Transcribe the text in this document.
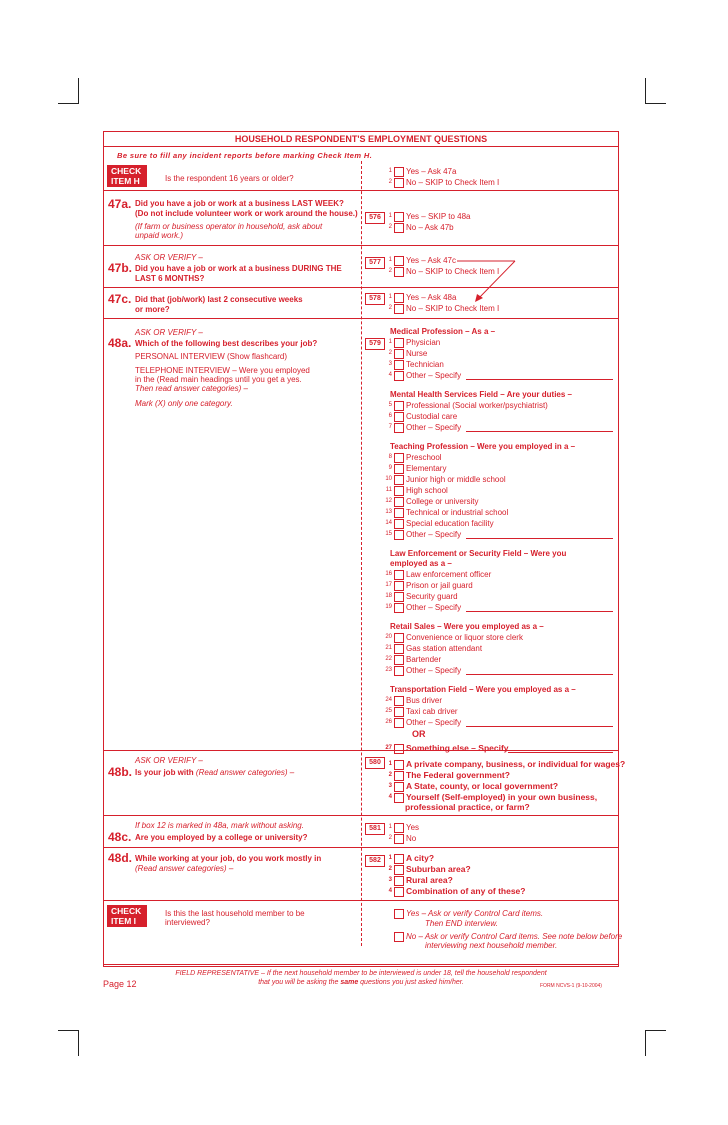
HOUSEHOLD RESPONDENT'S EMPLOYMENT QUESTIONS
Be sure to fill any incident reports before marking Check Item H.
CHECK
ITEM H	Is the respondent 16 years or older?
1 Yes – Ask 47a
2 No – SKIP to Check Item I
47a. Did you have a job or work at a business LAST WEEK?
(Do not include volunteer work or work around the house.)
(If farm or business operator in household, ask about
unpaid work.)
576	1 Yes – SKIP to 48a
2 No – Ask 47b
ASK OR VERIFY –
47b. Did you have a job or work at a business DURING THE
LAST 6 MONTHS?
577	1 Yes – Ask 47c
2 No – SKIP to Check Item I
47c. Did that (job/work) last 2 consecutive weeks
or more?
578	1 Yes – Ask 48a
2 No – SKIP to Check Item I
ASK OR VERIFY –
48a. Which of the following best describes your job?
PERSONAL INTERVIEW (Show flashcard)
TELEPHONE INTERVIEW – Were you employed
in the (Read main headings until you get a yes.
Then read answer categories) –
Mark (X) only one category.
579
Medical Profession – As a –
1 Physician
2 Nurse
3 Technician
4 Other – Specify
Mental Health Services Field – Are your duties –
5 Professional (Social worker/psychiatrist)
6 Custodial care
7 Other – Specify
Teaching Profession – Were you employed in a –
8 Preschool
9 Elementary
10 Junior high or middle school
11 High school
12 College or university
13 Technical or industrial school
14 Special education facility
15 Other – Specify
Law Enforcement or Security Field – Were you
employed as a –
16 Law enforcement officer
17 Prison or jail guard
18 Security guard
19 Other – Specify
Retail Sales – Were you employed as a –
20 Convenience or liquor store clerk
21 Gas station attendant
22 Bartender
23 Other – Specify
Transportation Field – Were you employed as a –
24 Bus driver
25 Taxi cab driver
26 Other – Specify
OR
27 Something else – Specify
ASK OR VERIFY –
48b. Is your job with (Read answer categories) –
580	1 A private company, business, or individual for wages?
2 The Federal government?
3 A State, county, or local government?
4 Yourself (Self-employed) in your own business,
professional practice, or farm?
If box 12 is marked in 48a, mark without asking.
48c. Are you employed by a college or university?
581	1 Yes
2 No
48d. While working at your job, do you work mostly in
(Read answer categories) –
582	1 A city?
2 Suburban area?
3 Rural area?
4 Combination of any of these?
CHECK
ITEM I
Is this the last household member to be
interviewed?
Yes – Ask or verify Control Card items.
Then END interview.
No – Ask or verify Control Card items. See note below before
interviewing next household member.
FIELD REPRESENTATIVE – If the next household member to be interviewed is under 18, tell the household respondent
that you will be asking the same questions you just asked him/her.
Page 12	FORM NCVS-1 (9-10-2004)
